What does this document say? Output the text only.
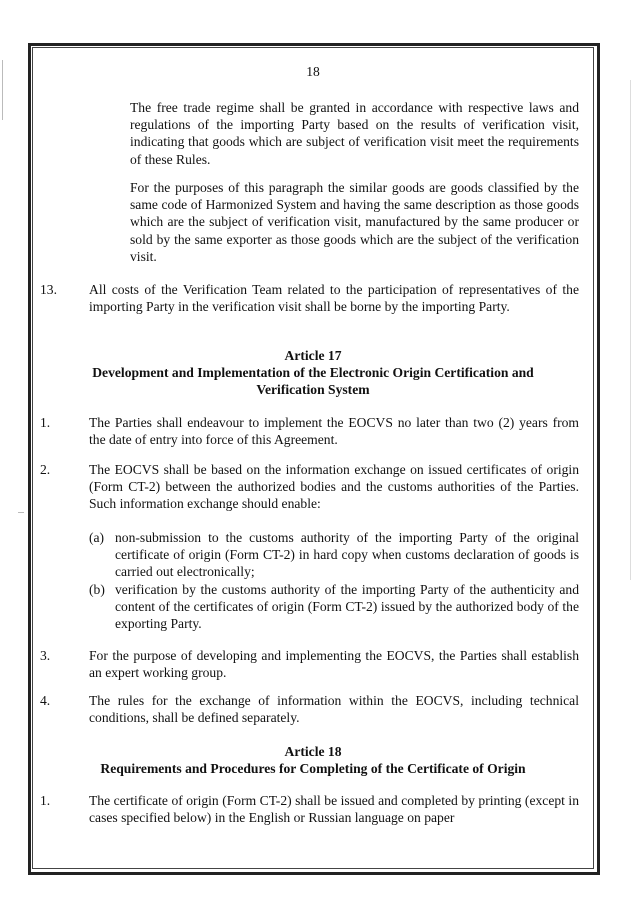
18
The free trade regime shall be granted in accordance with respective laws and regulations of the importing Party based on the results of verification visit, indicating that goods which are subject of verification visit meet the requirements of these Rules.
For the purposes of this paragraph the similar goods are goods classified by the same code of Harmonized System and having the same description as those goods which are the subject of verification visit, manufactured by the same producer or sold by the same exporter as those goods which are the subject of the verification visit.
13. All costs of the Verification Team related to the participation of representatives of the importing Party in the verification visit shall be borne by the importing Party.
Article 17
Development and Implementation of the Electronic Origin Certification and Verification System
1.	The Parties shall endeavour to implement the EOCVS no later than two (2) years from the date of entry into force of this Agreement.
2.	The EOCVS shall be based on the information exchange on issued certificates of origin (Form CT-2) between the authorized bodies and the customs authorities of the Parties. Such information exchange should enable:
(a) non-submission to the customs authority of the importing Party of the original certificate of origin (Form CT-2) in hard copy when customs declaration of goods is carried out electronically;
(b) verification by the customs authority of the importing Party of the authenticity and content of the certificates of origin (Form CT-2) issued by the authorized body of the exporting Party.
3.	For the purpose of developing and implementing the EOCVS, the Parties shall establish an expert working group.
4.	The rules for the exchange of information within the EOCVS, including technical conditions, shall be defined separately.
Article 18
Requirements and Procedures for Completing of the Certificate of Origin
1.	The certificate of origin (Form CT-2) shall be issued and completed by printing (except in cases specified below) in the English or Russian language on paper
